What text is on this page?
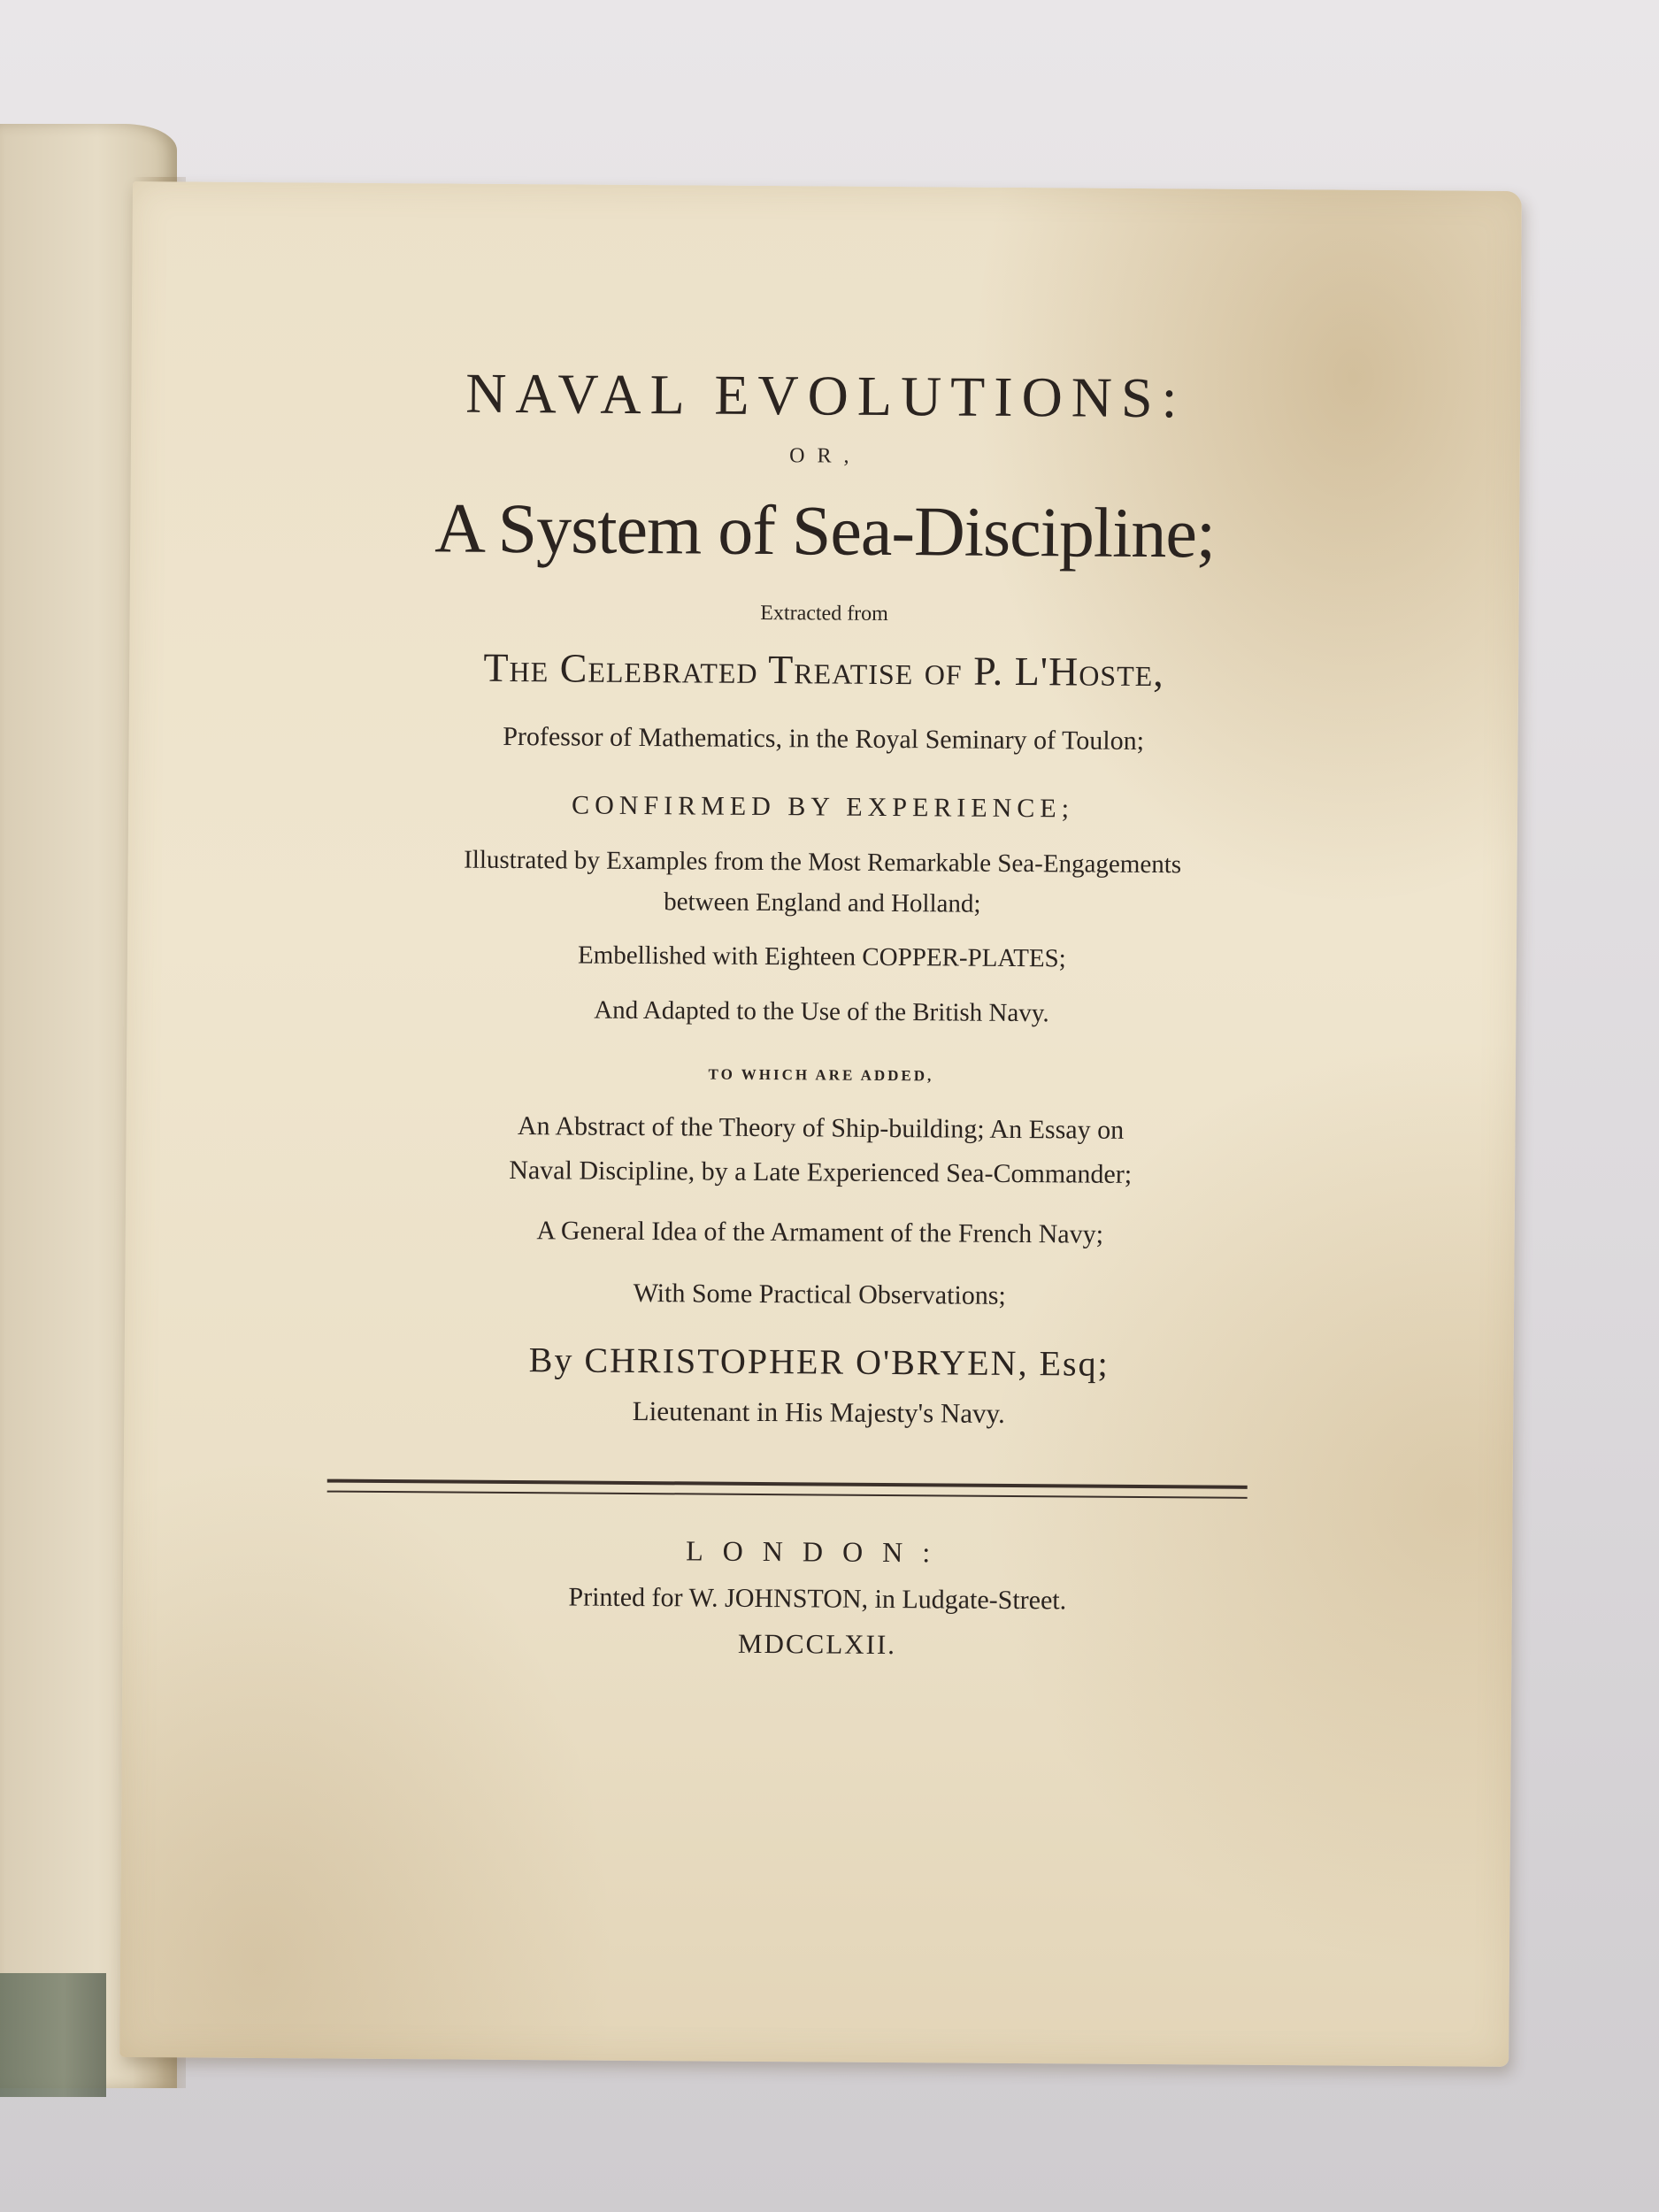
NAVAL EVOLUTIONS:
OR,
A System of Sea-Discipline;
Extracted from
The Celebrated Treatise of P. L'Hoste,
Professor of Mathematics, in the Royal Seminary of Toulon;
CONFIRMED BY EXPERIENCE;
Illustrated by Examples from the Most Remarkable Sea-Engagements
between England and Holland;
Embellished with Eighteen COPPER-PLATES;
And Adapted to the Use of the British Navy.
TO WHICH ARE ADDED,
An Abstract of the Theory of Ship-building; An Essay on
Naval Discipline, by a Late Experienced Sea-Commander;
A General Idea of the Armament of the French Navy;
With Some Practical Observations;
By CHRISTOPHER O'BRYEN, Esq;
Lieutenant in His Majesty's Navy.
LONDON:
Printed for W. JOHNSTON, in Ludgate-Street.
MDCCLXII.
